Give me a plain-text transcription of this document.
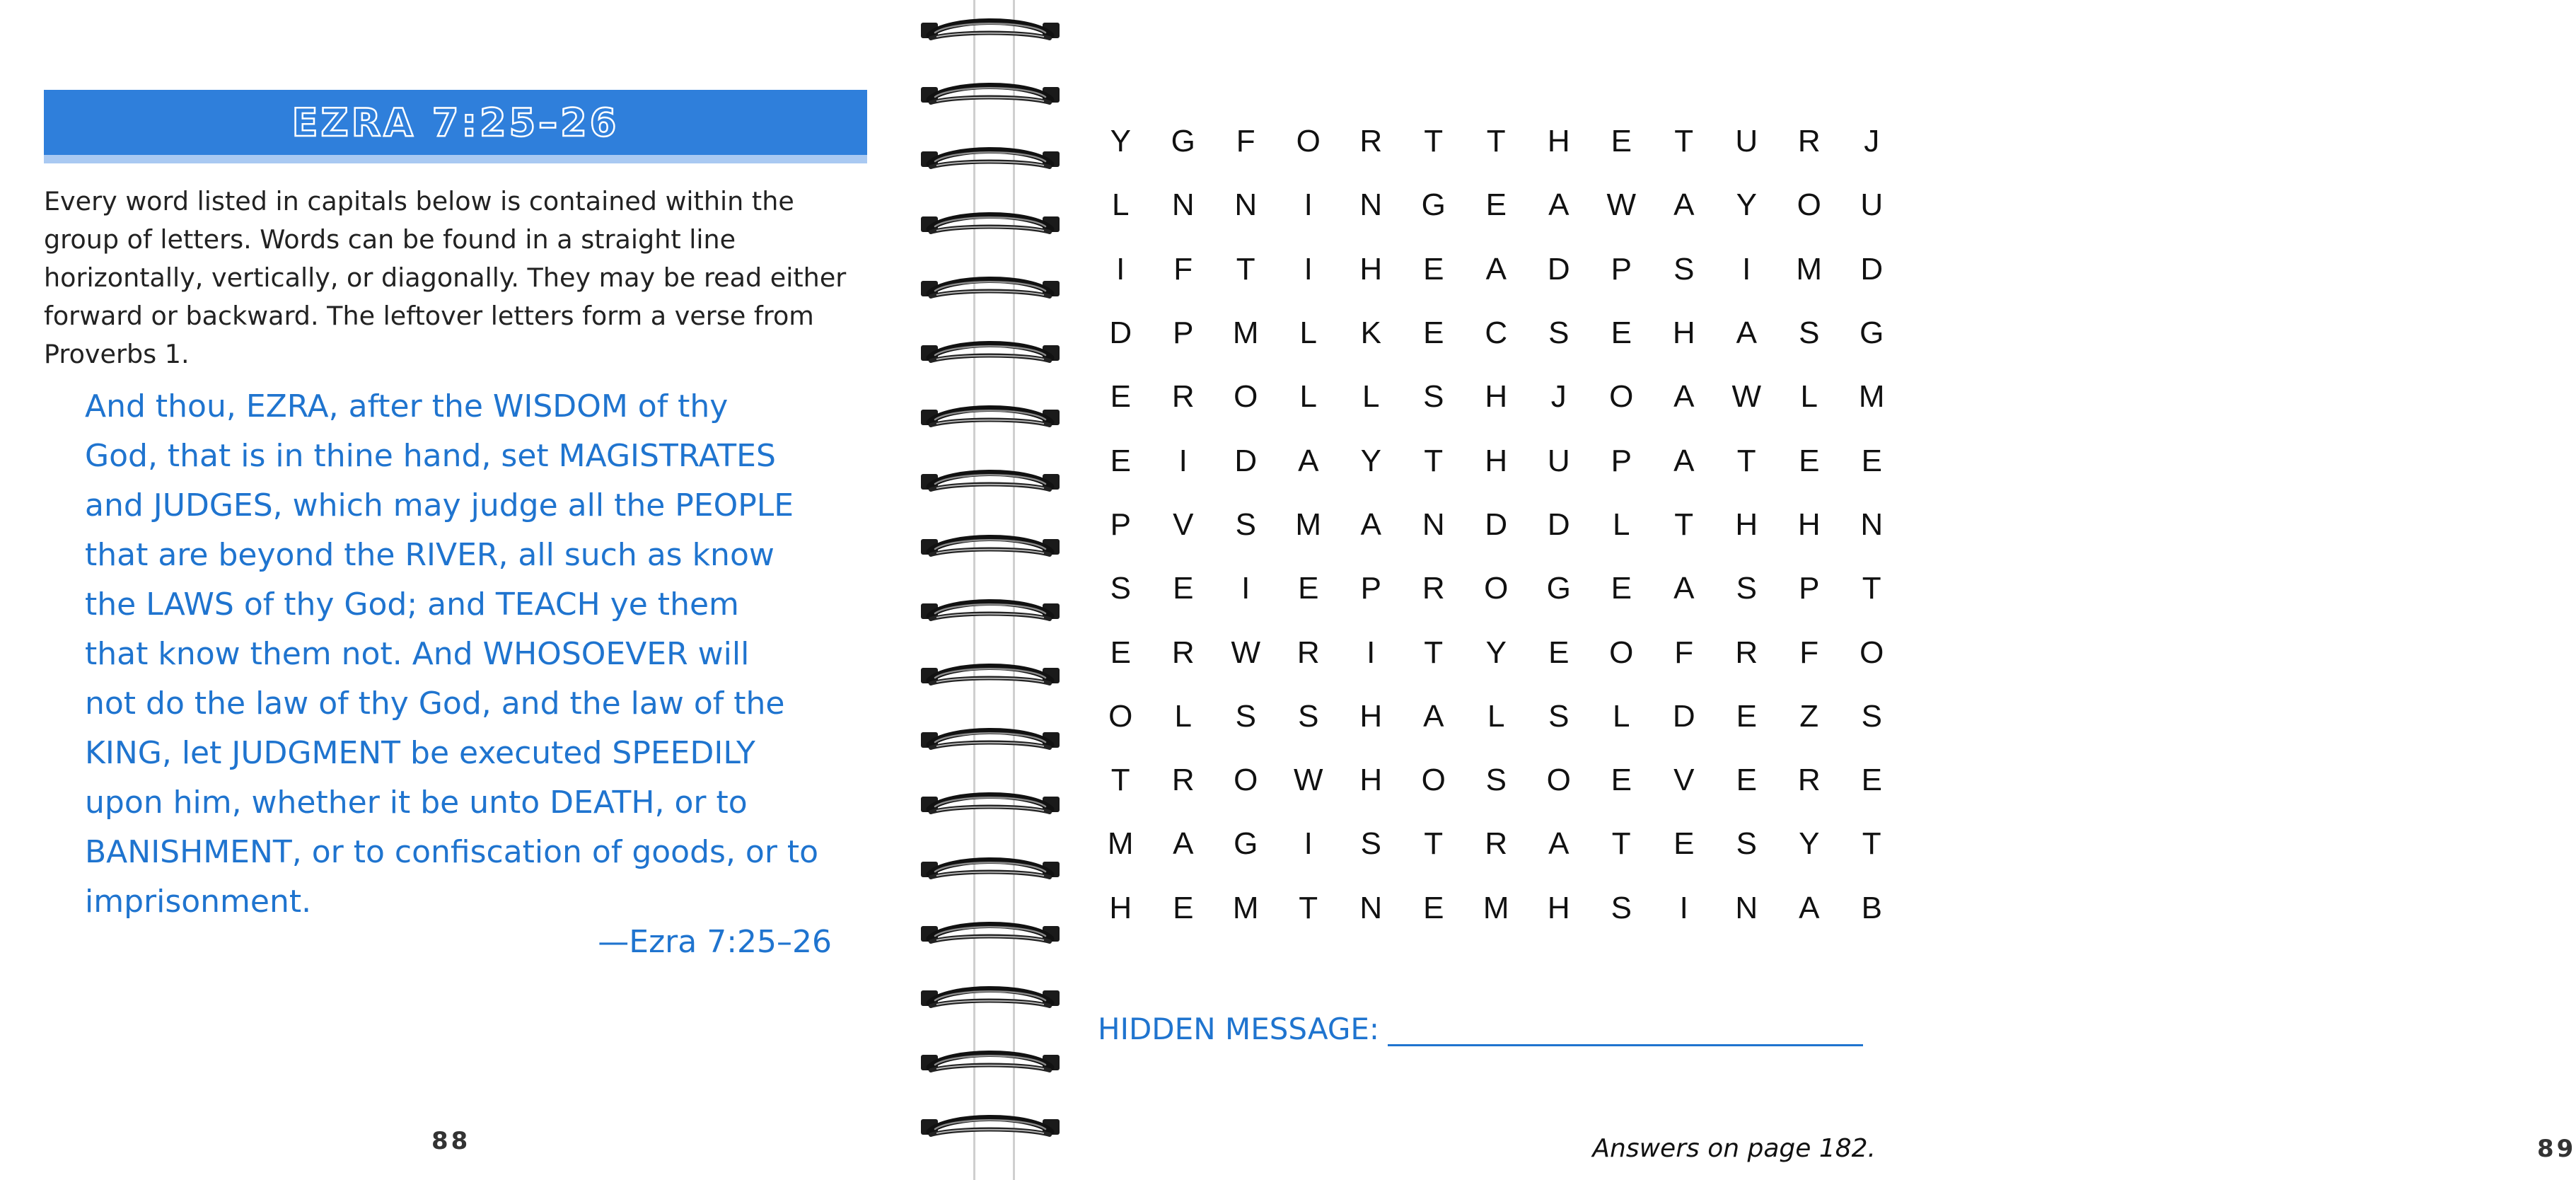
EZRA 7:25–26
Every word listed in capitals below is contained within the group of letters. Words can be found in a straight line horizontally, vertically, or diagonally. They may be read either forward or backward. The leftover letters form a verse from Proverbs 1.
And thou, EZRA, after the WISDOM of thy
God, that is in thine hand, set MAGISTRATES
and JUDGES, which may judge all the PEOPLE
that are beyond the RIVER, all such as know
the LAWS of thy God; and TEACH ye them
that know them not. And WHOSOEVER will
not do the law of thy God, and the law of the
KING, let JUDGMENT be executed SPEEDILY
upon him, whether it be unto DEATH, or to
BANISHMENT, or to confiscation of goods, or to
imprisonment.
—Ezra 7:25–26
88
Y	G	F	O	R	T	T	H	E	T	U	R	J
L	N	N	I	N	G	E	A	W	A	Y	O	U
I	F	T	I	H	E	A	D	P	S	I	M	D
D	P	M	L	K	E	C	S	E	H	A	S	G
E	R	O	L	L	S	H	J	O	A	W	L	M
E	I	D	A	Y	T	H	U	P	A	T	E	E
P	V	S	M	A	N	D	D	L	T	H	H	N
S	E	I	E	P	R	O	G	E	A	S	P	T
E	R	W	R	I	T	Y	E	O	F	R	F	O
O	L	S	S	H	A	L	S	L	D	E	Z	S
T	R	O	W	H	O	S	O	E	V	E	R	E
M	A	G	I	S	T	R	A	T	E	S	Y	T
H	E	M	T	N	E	M	H	S	I	N	A	B
HIDDEN MESSAGE:
89
Answers on page 182.
